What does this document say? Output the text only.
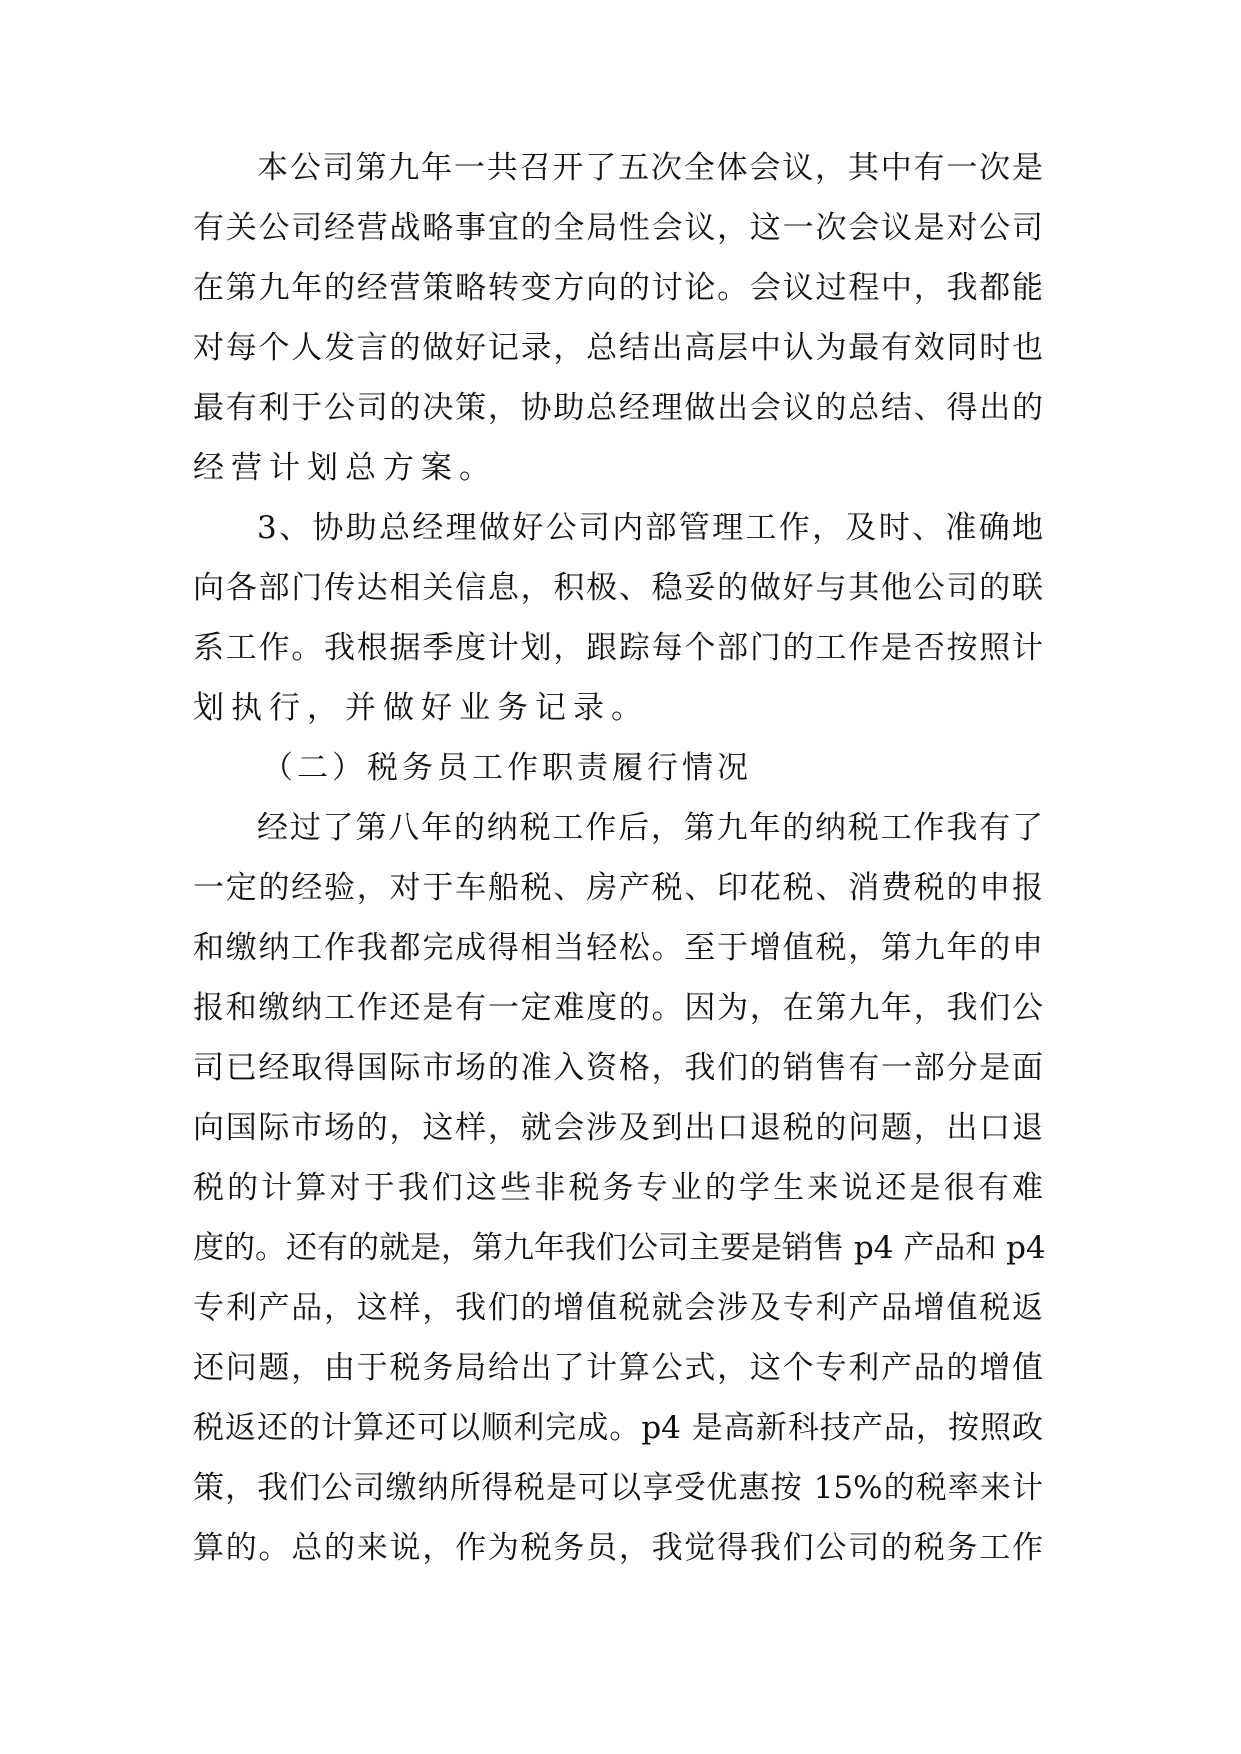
本公司第九年一共召开了五次全体会议，其中有一次是
有关公司经营战略事宜的全局性会议，这一次会议是对公司
在第九年的经营策略转变方向的讨论。会议过程中，我都能
对每个人发言的做好记录，总结出高层中认为最有效同时也
最有利于公司的决策，协助总经理做出会议的总结、得出的
经营计划总方案。
3、协助总经理做好公司内部管理工作，及时、准确地
向各部门传达相关信息，积极、稳妥的做好与其他公司的联
系工作。我根据季度计划，跟踪每个部门的工作是否按照计
划执行，并做好业务记录。
（二）税务员工作职责履行情况
经过了第八年的纳税工作后，第九年的纳税工作我有了
一定的经验，对于车船税、房产税、印花税、消费税的申报
和缴纳工作我都完成得相当轻松。至于增值税，第九年的申
报和缴纳工作还是有一定难度的。因为，在第九年，我们公
司已经取得国际市场的准入资格，我们的销售有一部分是面
向国际市场的，这样，就会涉及到出口退税的问题，出口退
税的计算对于我们这些非税务专业的学生来说还是很有难
度的。还有的就是，第九年我们公司主要是销售 p4 产品和 p4
专利产品，这样，我们的增值税就会涉及专利产品增值税返
还问题，由于税务局给出了计算公式，这个专利产品的增值
税返还的计算还可以顺利完成。p4 是高新科技产品，按照政
策，我们公司缴纳所得税是可以享受优惠按 15%的税率来计
算的。总的来说，作为税务员，我觉得我们公司的税务工作
